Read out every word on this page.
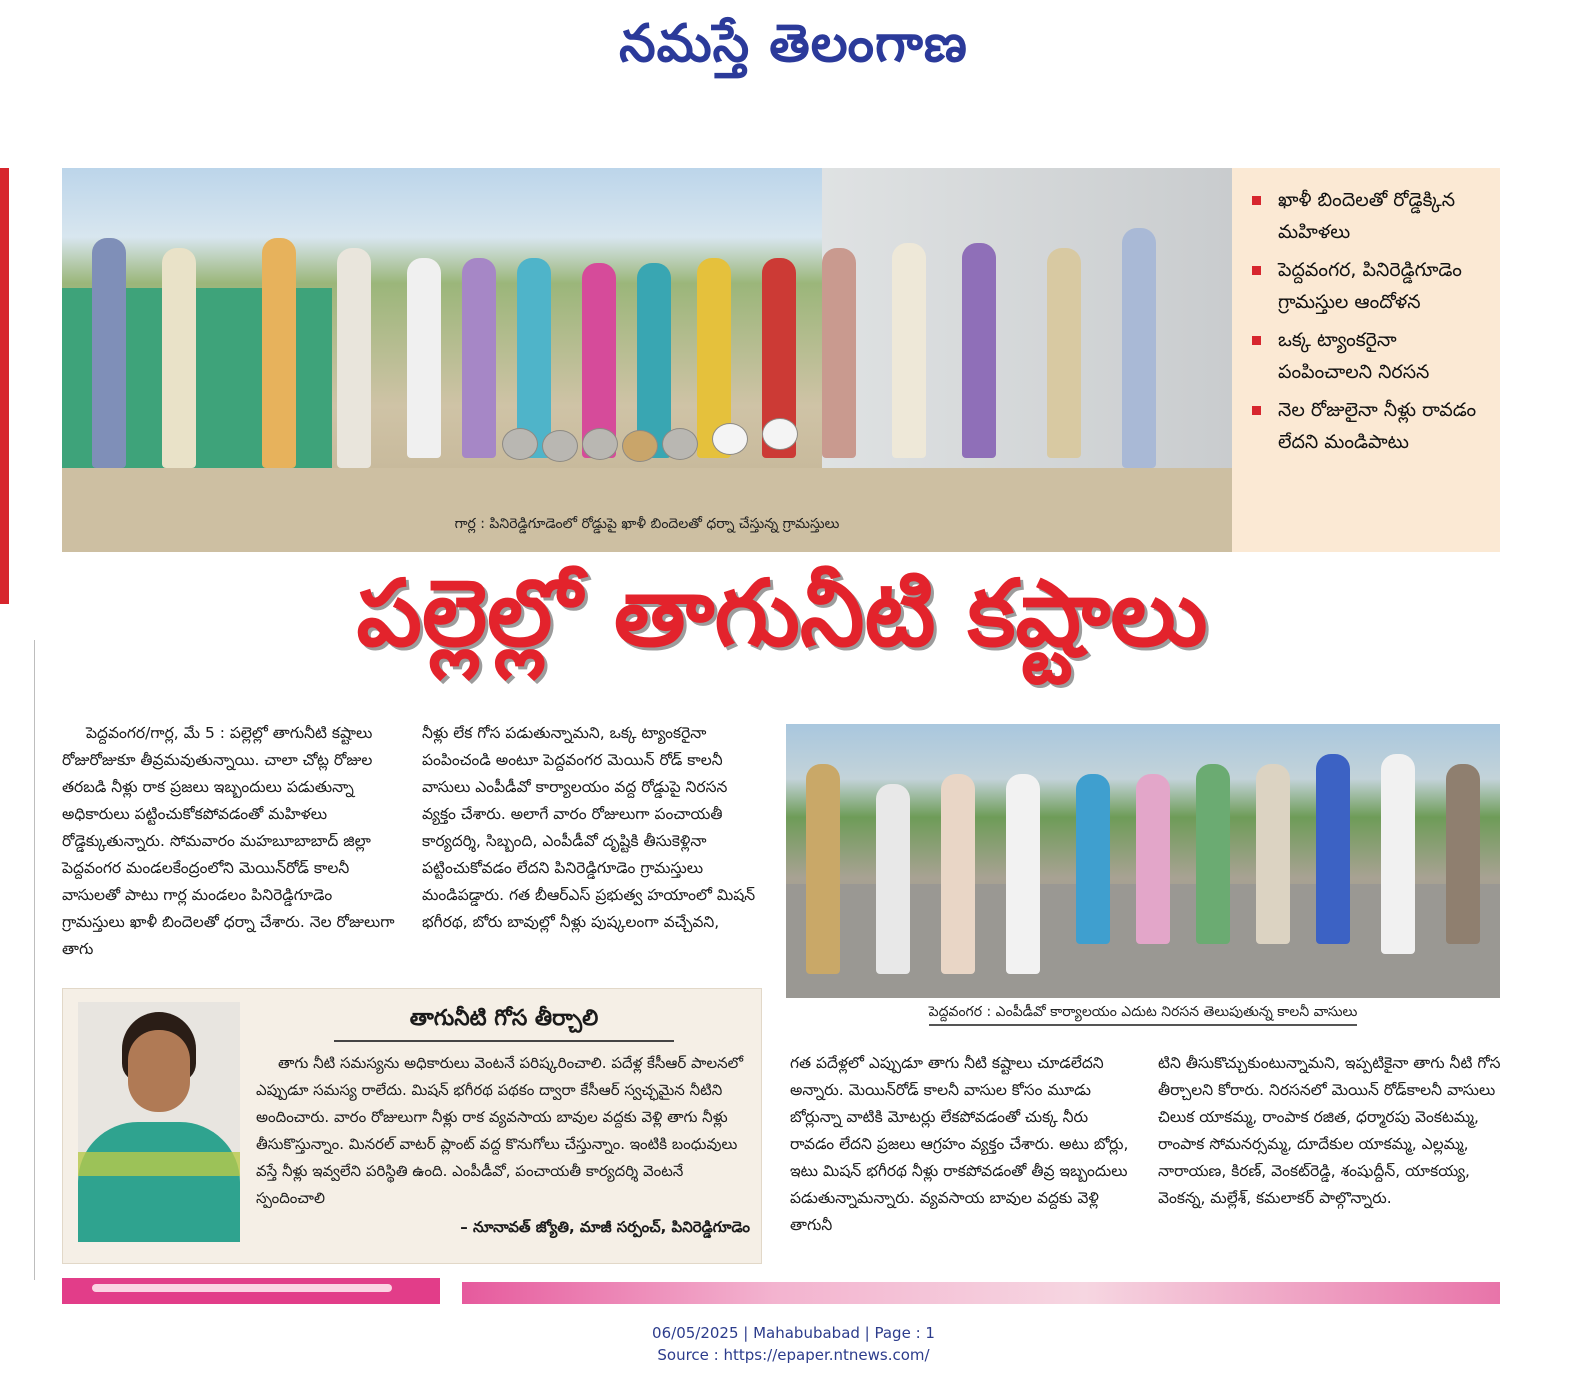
నమస్తే తెలంగాణ
గార్ల : పినిరెడ్డిగూడెంలో రోడ్డుపై ఖాళీ బిందెలతో ధర్నా చేస్తున్న గ్రామస్తులు
ఖాళీ బిందెలతో రోడ్డెక్కిన మహిళలు
పెద్దవంగర, పినిరెడ్డిగూడెం గ్రామస్తుల ఆందోళన
ఒక్క ట్యాంకరైనా పంపించాలని నిరసన
నెల రోజులైనా నీళ్లు రావడం లేదని మండిపాటు
పల్లెల్లో తాగునీటి కష్టాలు
పెద్దవంగర/గార్ల, మే 5 : పల్లెల్లో తాగునీటి కష్టాలు రోజురోజుకూ తీవ్రమవుతున్నాయి. చాలా చోట్ల రోజుల తరబడి నీళ్లు రాక ప్రజలు ఇబ్బందులు పడుతున్నా అధికారులు పట్టించుకోకపోవడంతో మహిళలు రోడ్డెక్కుతున్నారు. సోమవారం మహబూబాబాద్ జిల్లా పెద్దవంగర మండలకేంద్రంలోని మెయిన్‌రోడ్ కాలనీ వాసులతో పాటు గార్ల మండలం పినిరెడ్డిగూడెం గ్రామస్తులు ఖాళీ బిందెలతో ధర్నా చేశారు. నెల రోజులుగా తాగు
నీళ్లు లేక గోస పడుతున్నామని, ఒక్క ట్యాంకరైనా పంపించండి అంటూ పెద్దవంగర మెయిన్ రోడ్ కాలనీ వాసులు ఎంపీడీవో కార్యాలయం వద్ద రోడ్డుపై నిరసన వ్యక్తం చేశారు. అలాగే వారం రోజులుగా పంచాయతీ కార్యదర్శి, సిబ్బంది, ఎంపీడీవో దృష్టికి తీసుకెళ్లినా పట్టించుకోవడం లేదని పినిరెడ్డిగూడెం గ్రామస్తులు మండిపడ్డారు. గత బీఆర్‌ఎస్ ప్రభుత్వ హయాంలో మిషన్ భగీరథ, బోరు బావుల్లో నీళ్లు పుష్కలంగా వచ్చేవని,
పెద్దవంగర : ఎంపీడీవో కార్యాలయం ఎదుట నిరసన తెలుపుతున్న కాలనీ వాసులు
తాగునీటి గోస తీర్చాలి
తాగు నీటి సమస్యను అధికారులు వెంటనే పరిష్కరించాలి. పదేళ్ల కేసీఆర్ పాలనలో ఎప్పుడూ సమస్య రాలేదు. మిషన్ భగీరథ పథకం ద్వారా కేసీఆర్ స్వచ్ఛమైన నీటిని అందించారు. వారం రోజులుగా నీళ్లు రాక వ్యవసాయ బావుల వద్దకు వెళ్లి తాగు నీళ్లు తీసుకొస్తున్నాం. మినరల్ వాటర్ ప్లాంట్ వద్ద కొనుగోలు చేస్తున్నాం. ఇంటికి బంధువులు వస్తే నీళ్లు ఇవ్వలేని పరిస్థితి ఉంది. ఎంపీడీవో, పంచాయతీ కార్యదర్శి వెంటనే స్పందించాలి
– నూనావత్ జ్యోతి, మాజీ సర్పంచ్, పినిరెడ్డిగూడెం
గత పదేళ్లలో ఎప్పుడూ తాగు నీటి కష్టాలు చూడలేదని అన్నారు. మెయిన్‌రోడ్ కాలనీ వాసుల కోసం మూడు బోర్లున్నా వాటికి మోటర్లు లేకపోవడంతో చుక్క నీరు రావడం లేదని ప్రజలు ఆగ్రహం వ్యక్తం చేశారు. అటు బోర్లు, ఇటు మిషన్ భగీరథ నీళ్లు రాకపోవడంతో తీవ్ర ఇబ్బందులు పడుతున్నామన్నారు. వ్యవసాయ బావుల వద్దకు వెళ్లి తాగునీ
టిని తీసుకొచ్చుకుంటున్నామని, ఇప్పటికైనా తాగు నీటి గోస తీర్చాలని కోరారు. నిరసనలో మెయిన్ రోడ్‌కాలనీ వాసులు చిలుక యాకమ్మ, రాంపాక రజిత, ధర్మారపు వెంకటమ్మ, రాంపాక సోమనర్సమ్మ, దూదేకుల యాకమ్మ, ఎల్లమ్మ, నారాయణ, కిరణ్, వెంకట్‌రెడ్డి, శంషుద్దీన్, యాకయ్య, వెంకన్న, మల్లేశ్, కమలాకర్ పాల్గొన్నారు.
06/05/2025 | Mahabubabad | Page : 1
Source : https://epaper.ntnews.com/
